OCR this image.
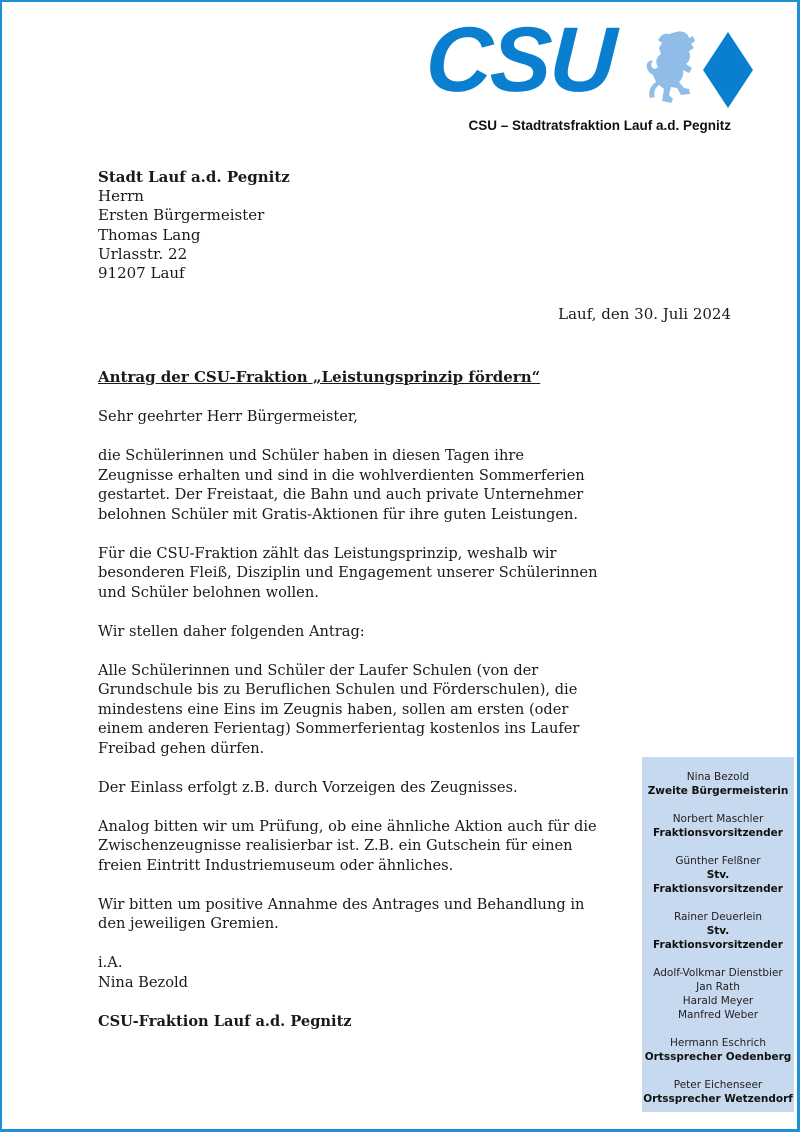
CSU
CSU – Stadtratsfraktion Lauf a.d. Pegnitz
Stadt Lauf a.d. Pegnitz
Herrn
Ersten Bürgermeister
Thomas Lang
Urlasstr. 22
91207 Lauf
Lauf, den 30. Juli 2024
Antrag der CSU-Fraktion „Leistungsprinzip fördern“

Sehr geehrter Herr Bürgermeister,

die Schülerinnen und Schüler haben in diesen Tagen ihre Zeugnisse erhalten und sind in die wohlverdienten Sommerferien gestartet. Der Freistaat, die Bahn und auch private Unternehmer belohnen Schüler mit Gratis-Aktionen für ihre guten Leistungen.

Für die CSU-Fraktion zählt das Leistungsprinzip, weshalb wir besonderen Fleiß, Disziplin und Engagement unserer Schülerinnen und Schüler belohnen wollen.

Wir stellen daher folgenden Antrag:

Alle Schülerinnen und Schüler der Laufer Schulen (von der Grundschule bis zu Beruflichen Schulen und Förderschulen), die mindestens eine Eins im Zeugnis haben, sollen am ersten (oder einem anderen Ferientag) Sommerferientag kostenlos ins Laufer Freibad gehen dürfen.

Der Einlass erfolgt z.B. durch Vorzeigen des Zeugnisses.

Analog bitten wir um Prüfung, ob eine ähnliche Aktion auch für die Zwischenzeugnisse realisierbar ist. Z.B. ein Gutschein für einen freien Eintritt Industriemuseum oder ähnliches.

Wir bitten um positive Annahme des Antrages und Behandlung in den jeweiligen Gremien.

i.A.

Nina Bezold

CSU-Fraktion Lauf a.d. Pegnitz
Nina Bezold
Zweite Bürgermeisterin
Norbert Maschler
Fraktionsvorsitzender
Günther Felßner
Stv. Fraktionsvorsitzender
Rainer Deuerlein
Stv. Fraktionsvorsitzender
Adolf-Volkmar Dienstbier
Jan Rath
Harald Meyer
Manfred Weber
Hermann Eschrich
Ortssprecher Oedenberg
Peter Eichenseer
Ortssprecher Wetzendorf
